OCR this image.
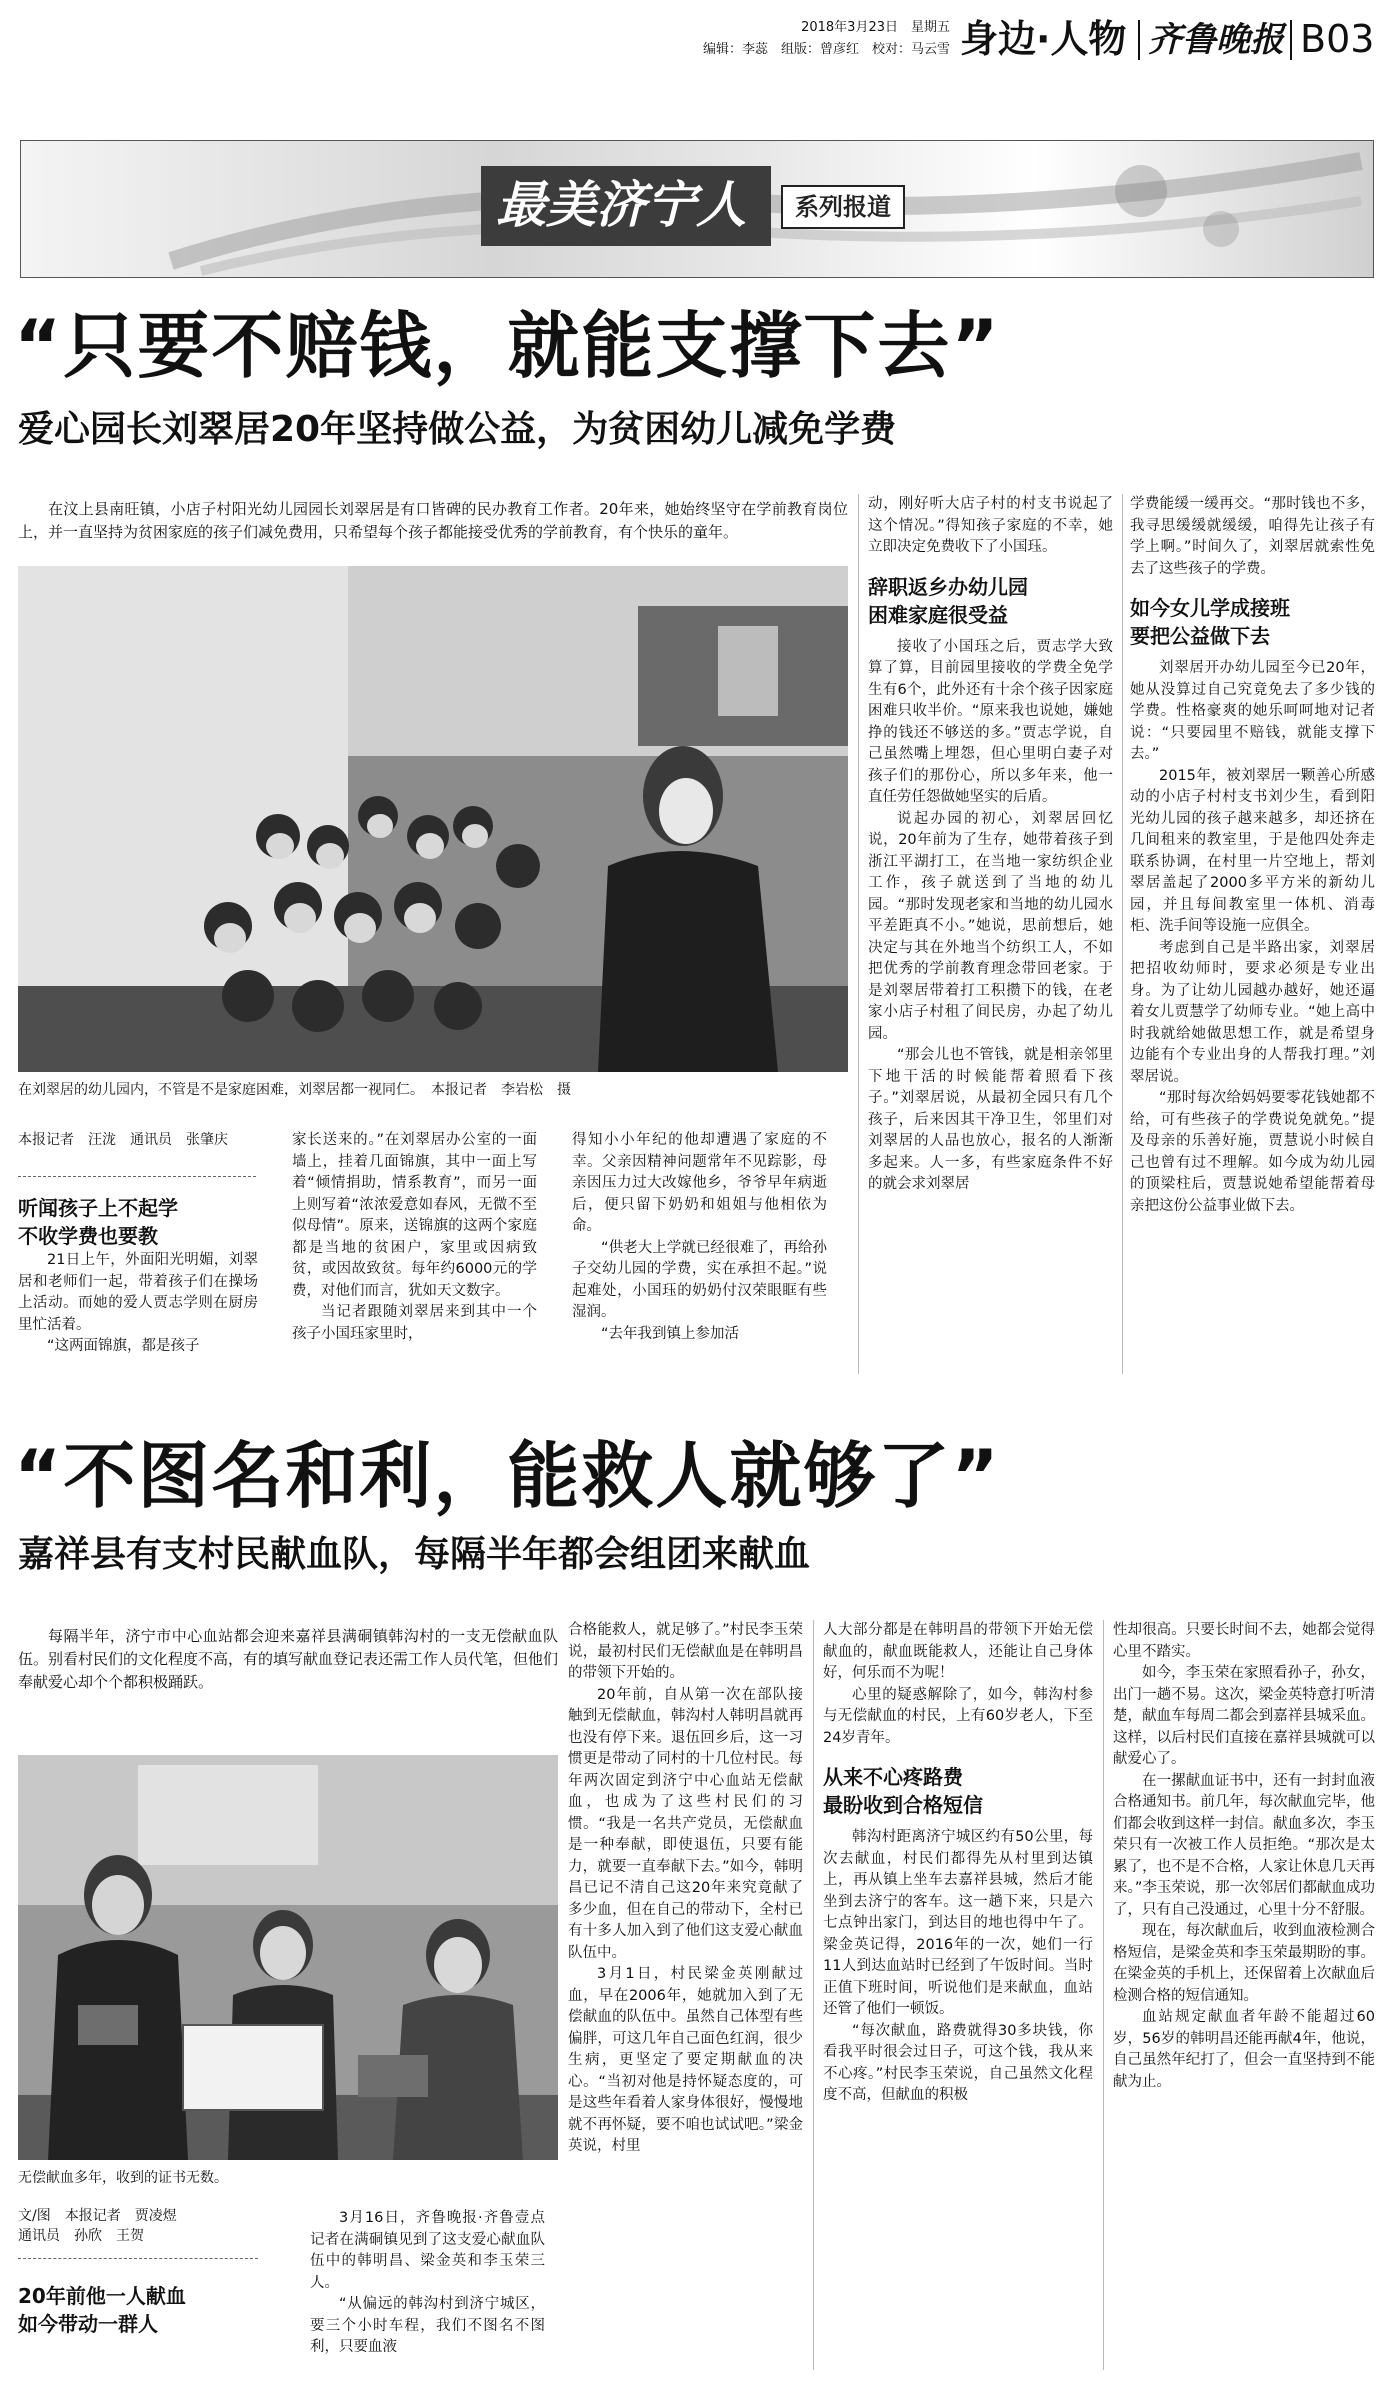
2018年3月23日　星期五
编辑：李蕊　组版：曾彦红　校对：马云雪 身边·人物 齐鲁晚报 B03
最美济宁人	系列报道
“只要不赔钱，就能支撑下去”
爱心园长刘翠居20年坚持做公益，为贫困幼儿减免学费
在汶上县南旺镇，小店子村阳光幼儿园园长刘翠居是有口皆碑的民办教育工作者。20年来，她始终坚守在学前教育岗位上，并一直坚持为贫困家庭的孩子们减免费用，只希望每个孩子都能接受优秀的学前教育，有个快乐的童年。
在刘翠居的幼儿园内，不管是不是家庭困难，刘翠居都一视同仁。　本报记者　李岩松　摄
本报记者　汪泷　通讯员　张肇庆
听闻孩子上不起学
不收学费也要教

21日上午，外面阳光明媚，刘翠居和老师们一起，带着孩子们在操场上活动。而她的爱人贾志学则在厨房里忙活着。

“这两面锦旗，都是孩子

家长送来的。”在刘翠居办公室的一面墙上，挂着几面锦旗，其中一面上写着“倾情捐助，情系教育”，而另一面上则写着“浓浓爱意如春风，无微不至似母情”。原来，送锦旗的这两个家庭都是当地的贫困户，家里或因病致贫，或因故致贫。每年约6000元的学费，对他们而言，犹如天文数字。

当记者跟随刘翠居来到其中一个孩子小国珏家里时，

得知小小年纪的他却遭遇了家庭的不幸。父亲因精神问题常年不见踪影，母亲因压力过大改嫁他乡，爷爷早年病逝后，便只留下奶奶和姐姐与他相依为命。

“供老大上学就已经很难了，再给孙子交幼儿园的学费，实在承担不起。”说起难处，小国珏的奶奶付汉荣眼眶有些湿润。

“去年我到镇上参加活

动，刚好听大店子村的村支书说起了这个情况。”得知孩子家庭的不幸，她立即决定免费收下了小国珏。

辞职返乡办幼儿园
困难家庭很受益

接收了小国珏之后，贾志学大致算了算，目前园里接收的学费全免学生有6个，此外还有十余个孩子因家庭困难只收半价。“原来我也说她，嫌她挣的钱还不够送的多。”贾志学说，自己虽然嘴上埋怨，但心里明白妻子对孩子们的那份心，所以多年来，他一直任劳任怨做她坚实的后盾。

说起办园的初心，刘翠居回忆说，20年前为了生存，她带着孩子到浙江平湖打工，在当地一家纺织企业工作，孩子就送到了当地的幼儿园。“那时发现老家和当地的幼儿园水平差距真不小。”她说，思前想后，她决定与其在外地当个纺织工人，不如把优秀的学前教育理念带回老家。于是刘翠居带着打工积攒下的钱，在老家小店子村租了间民房，办起了幼儿园。

“那会儿也不管钱，就是相亲邻里下地干活的时候能帮着照看下孩子。”刘翠居说，从最初全园只有几个孩子，后来因其干净卫生，邻里们对刘翠居的人品也放心，报名的人渐渐多起来。人一多，有些家庭条件不好的就会求刘翠居

学费能缓一缓再交。“那时钱也不多，我寻思缓缓就缓缓，咱得先让孩子有学上啊。”时间久了，刘翠居就索性免去了这些孩子的学费。

如今女儿学成接班
要把公益做下去

刘翠居开办幼儿园至今已20年，她从没算过自己究竟免去了多少钱的学费。性格豪爽的她乐呵呵地对记者说：“只要园里不赔钱，就能支撑下去。”

2015年，被刘翠居一颗善心所感动的小店子村村支书刘少生，看到阳光幼儿园的孩子越来越多，却还挤在几间租来的教室里，于是他四处奔走联系协调，在村里一片空地上，帮刘翠居盖起了2000多平方米的新幼儿园，并且每间教室里一体机、消毒柜、洗手间等设施一应俱全。

考虑到自己是半路出家，刘翠居把招收幼师时，要求必须是专业出身。为了让幼儿园越办越好，她还逼着女儿贾慧学了幼师专业。“她上高中时我就给她做思想工作，就是希望身边能有个专业出身的人帮我打理。”刘翠居说。

“那时每次给妈妈要零花钱她都不给，可有些孩子的学费说免就免。”提及母亲的乐善好施，贾慧说小时候自己也曾有过不理解。如今成为幼儿园的顶梁柱后，贾慧说她希望能帮着母亲把这份公益事业做下去。

“不图名和利，能救人就够了”
嘉祥县有支村民献血队，每隔半年都会组团来献血
每隔半年，济宁市中心血站都会迎来嘉祥县满硐镇韩沟村的一支无偿献血队伍。别看村民们的文化程度不高，有的填写献血登记表还需工作人员代笔，但他们奉献爱心却个个都积极踊跃。
无偿献血多年，收到的证书无数。
文/图　本报记者　贾凌煜
通讯员　孙欣　王贺
20年前他一人献血
如今带动一群人

3月16日，齐鲁晚报·齐鲁壹点记者在满硐镇见到了这支爱心献血队伍中的韩明昌、梁金英和李玉荣三人。

“从偏远的韩沟村到济宁城区，要三个小时车程，我们不图名不图利，只要血液

合格能救人，就足够了。”村民李玉荣说，最初村民们无偿献血是在韩明昌的带领下开始的。

20年前，自从第一次在部队接触到无偿献血，韩沟村人韩明昌就再也没有停下来。退伍回乡后，这一习惯更是带动了同村的十几位村民。每年两次固定到济宁中心血站无偿献血，也成为了这些村民们的习惯。“我是一名共产党员，无偿献血是一种奉献，即使退伍，只要有能力，就要一直奉献下去。”如今，韩明昌已记不清自己这20年来究竟献了多少血，但在自己的带动下，全村已有十多人加入到了他们这支爱心献血队伍中。

3月1日，村民梁金英刚献过血，早在2006年，她就加入到了无偿献血的队伍中。虽然自己体型有些偏胖，可这几年自己面色红润，很少生病，更坚定了要定期献血的决心。“当初对他是持怀疑态度的，可是这些年看着人家身体很好，慢慢地就不再怀疑，要不咱也试试吧。”梁金英说，村里

人大部分都是在韩明昌的带领下开始无偿献血的，献血既能救人，还能让自己身体好，何乐而不为呢！

心里的疑惑解除了，如今，韩沟村参与无偿献血的村民，上有60岁老人，下至24岁青年。

从来不心疼路费
最盼收到合格短信

韩沟村距离济宁城区约有50公里，每次去献血，村民们都得先从村里到达镇上，再从镇上坐车去嘉祥县城，然后才能坐到去济宁的客车。这一趟下来，只是六七点钟出家门，到达目的地也得中午了。梁金英记得，2016年的一次，她们一行11人到达血站时已经到了午饭时间。当时正值下班时间，听说他们是来献血，血站还管了他们一顿饭。

“每次献血，路费就得30多块钱，你看我平时很会过日子，可这个钱，我从来不心疼。”村民李玉荣说，自己虽然文化程度不高，但献血的积极

性却很高。只要长时间不去，她都会觉得心里不踏实。

如今，李玉荣在家照看孙子，孙女，出门一趟不易。这次，梁金英特意打听清楚，献血车每周二都会到嘉祥县城采血。这样，以后村民们直接在嘉祥县城就可以献爱心了。

在一摞献血证书中，还有一封封血液合格通知书。前几年，每次献血完毕，他们都会收到这样一封信。献血多次，李玉荣只有一次被工作人员拒绝。“那次是太累了，也不是不合格，人家让休息几天再来。”李玉荣说，那一次邻居们都献血成功了，只有自己没通过，心里十分不舒服。

现在，每次献血后，收到血液检测合格短信，是梁金英和李玉荣最期盼的事。在梁金英的手机上，还保留着上次献血后检测合格的短信通知。

血站规定献血者年龄不能超过60岁，56岁的韩明昌还能再献4年，他说，自己虽然年纪打了，但会一直坚持到不能献为止。
